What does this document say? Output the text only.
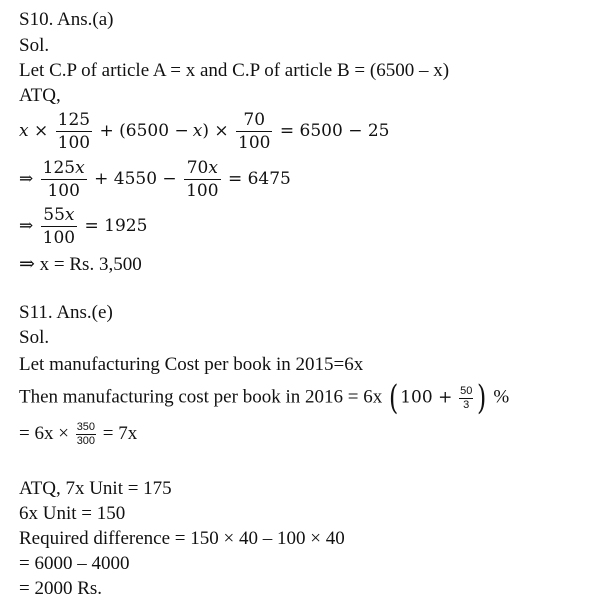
S10. Ans.(a)
Sol.
Let C.P of article A = x and C.P of article B = (6500 – x)
ATQ,
$x \times \frac{125}{100} + (6500 - x) \times \frac{70}{100} = 6500 - 25$
⇒ $\frac{125x}{100} + 4550 - \frac{70x}{100} = 6475$
⇒ $\frac{55x}{100} = 1925$
⇒ x = Rs. 3,500
S11. Ans.(e)
Sol.
Let manufacturing Cost per book in 2015=6x
Then manufacturing cost per book in 2016 = 6x ( $100 + \frac{50}{3}$ ) %
= $6x \times \frac{350}{300} = 7x$
ATQ, 7x Unit = 175
6x Unit = 150
Required difference = 150 × 40 – 100 × 40
= 6000 – 4000
= 2000 Rs.
